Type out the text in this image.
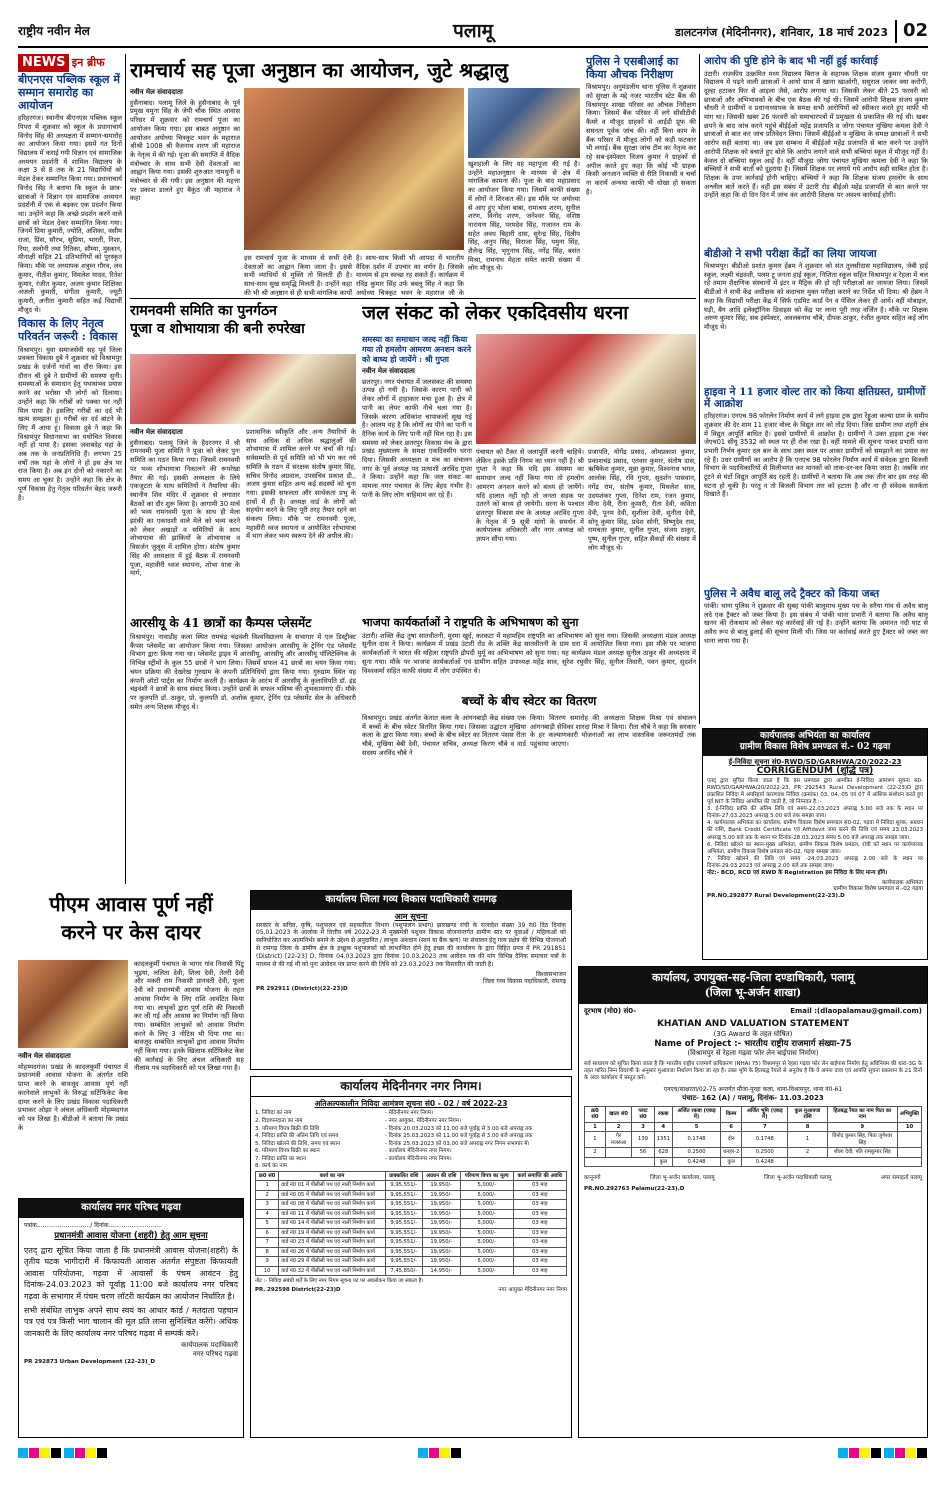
राष्ट्रीय नवीन मेल	पलामू	डालटनगंज (मेदिनीनगर), शनिवार, 18 मार्च 2023 02
NEWS इन ब्रीफ
बीएनएस पब्लिक स्कूल में सम्मान समारोह का आयोजन
हरिहरगंज। स्थानीय बीएनएस पब्लिक स्कूल पिपरा में शुक्रवार को स्कूल के प्रधानाचार्य विनोद सिंह की अध्यक्षता में सम्मान-समारोह का आयोजन किया गया। इसमें गत दिनों विद्यालय में कराई गयी विज्ञान एवं सामाजिक अध्ययन प्रदर्शनी में शामिल विद्यालय के कक्षा 3 से 8 तक के 21 विद्यार्थियों को मेडल देकर सम्मानित किया गया। प्रधानाचार्य विनोद सिंह ने बताया कि स्कूल के छात्र-छात्राओं ने विज्ञान एवं सामाजिक अध्ययन प्रदर्शनी में एक से बढ़कर एक प्रदर्शन किया था। उन्होंने कहा कि अच्छे प्रदर्शन करने वाले छात्रों को मेडल देकर सम्मानित किया गया। जिनमें प्रिया कुमारी, ज्योति, अंशिका, वसीम राजा, प्रिंस, सौरभ, सुप्रिया, भारती, निशा, रिया, सलोनी तथा रितिका, सौम्या, मुस्कान, मीनाक्षी सहित 21 प्रतिभागियों को पुरस्कृत किया। मौके पर अध्यापक शत्रुघ्न गौरव, लव कुमार, नीतीश कुमार, विमलेश यादव, रितेश कुमार, रंजीत कुमार, अजय कुमार शिक्षिका अंजली कुमारी, संगीता कुमारी, ज्यूटी कुमारी, अनीता कुमारी सहित कई विद्यार्थी मौजूद थे।
विकास के लिए नेतृत्व परिवर्तन जरूरी : विकास
विश्रामपुर। युवा समाजसेवी सह पूर्व जिला प्रवक्ता विकास दुबे ने शुक्रवार को विश्रामपुर प्रखंड के दर्जनों गांवों का दौरा किया। इस दौरान श्री दुबे ने ग्रामीणों की समस्या सुनी। समस्याओं के समाधान हेतु यथासंभव प्रयास करने का भरोसा भी लोगों को दिलाया। उन्होंने कहा कि गरीबों को पक्का घर नहीं मिल पाया है। इसलिए गरीबों का दर्द भी खत्म समझता हूं। गरीबों का दर्द बांटने के लिए मैं आया हूं। विकास दुबे ने कहा कि विश्रामपुर विधानसभा का यथोचित विकास नहीं हो पाया है। इसका जवाबदेह यहां के अब तक के जनप्रतिनिधि हैं। लगभग 25 वर्षों तक यहां के लोगों ने हो इस क्षेत्र पर राज किया है। अब इन दोनों को नकारने का समय आ चुका है। उन्होंने कहा कि क्षेत्र के पूर्ण विकास हेतु नेतृत्व परिवर्तन बेहद जरूरी है।
रामचार्य सह पूजा अनुष्ठान का आयोजन, जुटे श्रद्धालु
नवीन मेल संवाददाता
हुसैनाबाद। पलामू जिले के हुसैनाबाद के पूर्व प्रमुख यमुना सिंह के जेपी चौक स्थित आवास परिसर में शुक्रवार को रामचार्य पूजा का आयोजन किया गया। इस बाबत अनुष्ठान का आयोजन अयोध्या चित्रकूट भवन के महाराज श्रीश्री 1008 श्री वैजनाथ शरण जी महाराज के नेतृत्व में की गई। पूजा की समाप्ति में वैदिक मंत्रोच्चार के साथ सभी देवी देवताओं का आह्वान किया गया। इसकी शुरुआत नामधुनी व मंत्रोच्चार से की गयी। इस अनुष्ठान की महत्ता पर प्रकाश डालते हुए बैकुंठ जी महाराज ने कहा
इस रामचार्य पूजा के माध्यम से सभी देवी देवताओं का आह्वान किया जाता है। इससे सभी व्याधियों से मुक्ति तो मिलती ही है। साथ-साथ सुख समृद्धि मिलती है। उन्होंने कहा की भी श्री अनुष्ठान से ही सभी मांगलिक कार्यों
है। साथ-साथ किसी भी आपदा में भारतीय वैदिक दर्शन में उपचार का वर्णन है। जिसके माध्यम से हम स्वच्छ रह सकते हैं। कार्यक्रम में रविंद्र कुमार सिंह उर्फ बबलू सिंह ने कहा कि अयोध्या चित्रकूट भवन के महाराज जी के
खुशहाली के लिए यह महापूजा की गई है। उन्होंने महाअनुष्ठान के माध्यम से क्षेत्र में मांगलिक कामना की। पूजा के बाद महाप्रसाद का आयोजन किया गया। जिसमें काफी संख्या में लोगों ने शिरकत की। इस मौके पर अयोध्या से आए हुए भोला बाबा, रामाश्रय शरण, सुनील शरण, विनोद शरण, जनेश्वर सिंह, वशिष्ठ नारायण सिंह, परमदेव सिंह, गजानन राम के सहेत अवध बिहारी दास, सुरेन्द्र सिंह, दिलीप सिंह, अनुप सिंह, विराजा सिंह, यमुना सिंह, शैलेन्द्र सिंह, भृगुनाथ सिंह, नगेंद्र सिंह, बसंत मिश्रा, रामनाथ मेहता समेत काफी संख्या में लोग मौजूद थे।
पुलिस ने एसबीआई का किया औचक निरीक्षण
विश्रामपुर। अनुमंडलीय थाना पुलिस ने शुक्रवार को सुरक्षा के मद्दे नजर भारतीय स्टेट बैंक की विश्रामपुर शाखा परिसर का औचक निरीक्षण किया। जिसमें बैंक परिसर में लगे सीसीटीवी कैमरे व मौजूद ग्राहकों से आईडी प्रूफ की सघनता पूर्वक जांच की। वहीं बिना काम के बैंक परिसर में मौजूद लोगों को कड़ी फटकार भी लगाई। बैंक सुरक्षा जांच टीम का नेतृत्व कर रहे सब-इंस्पेक्टर विजय कुमार ने ग्राहकों से अपील करते हुए कहा कि कोई भी ग्राहक किसी अनजान व्यक्ति से रीति निकासी व चर्चा ना करायें अन्यथा काफी भी धोखा हो सकता है।
आरोप की पुष्टि होने के बाद भी नहीं हुई कार्रवाई
उंटारी। राजकीय उत्क्रमित मध्य विद्यालय बिराज के सहायक शिक्षक संजय कुमार चौधरी पर विद्यालय में पढ़ने वाली छात्राओं ने आयो साथ में खाना खाओगी, ससुराल जाकर क्या करोगी, दूल्हा हटाकर फिर से आइला जैसे, आरोप लगाया था। जिसकी लेकर बीते 25 फरवरी को छात्राओं और अभिभावकों के बीच एक बैठक की गई थी। जिसमें आरोपी शिक्षक संजय कुमार चौधरी ने ग्रामीणों व प्रधानाध्यापक के समक्ष सभी आरोपियों को स्वीकार करते हुए माफी भी मांग था। जिसकी खबर 26 फरवरी को समाचारपत्रों में प्रमुखता से प्रकाशित की गई थी। खबर छपने के बाद जांच करने पहुंचे बीईईओ महेंद्र प्रजापति व जोगा पंचायत मुखिया कमला देवी ने छात्राओं से बात कर जांच प्रतिवेदन लिया। जिसमें बीईईओ व मुखिया के समक्ष छात्राओं ने सभी आरोप सही बताया था। जब इस सम्बन्ध में बीईईओ महेंद्र प्रजापति से बात करने पर उन्होंने आरोपी शिक्षक को बचाते हुए बोले कि आरोप लगाने वाले सभी बच्चियां स्कूल में मौजूद नहीं है। केवल दो बच्चियां स्कूल आई है। वहीं मौजूदा जोगा पंचायत मुखिया कमला देवी ने कहा कि बच्चियों ने सभी बातों को दुहराया है। जिसमें शिक्षक पर लगाये गये आरोप सही साबित होता है। शिक्षक के उपर कार्रवाई होनी चाहिए। बच्चियों ने कहा कि शिक्षक संजय हमलोग के साथ अश्लील बातें करते हैं। वहीं इस संबंध में उंटारी रोड बीईओ महेंद्र प्रजापति से बात करने पर उन्होंने कहा कि दो दिन दिन में जांच कर आरोपी शिक्षक पर अवश्य कार्रवाई होगी।
बीडीओ ने सभी परीक्षा केंद्रों का लिया जायजा
विश्रामपुर। बीडीओ प्रशांत कुमार हेंब्रम ने शुक्रवार को संत तुलसीदास महाविद्यालय, जेबी हाई स्कूल, लक्ष्मी चंद्रवंशी, पलम टू जनता हाई स्कूल, निशिता स्कूल सहित विश्रामपुर व रेहला में चल रहे तमाम शैक्षणिक संस्थानों में इंटर व मैट्रिक की हो रही परीक्षाओं का जायजा लिया। जिसमें बीडीओ ने सभी केंद्र अधीक्षक को कदाचार मुक्त परीक्षा कराने का निर्देश भी दिया। श्री हेंब्रम ने कहा कि विद्यार्थी परीक्षा केंद्र में सिर्फ एडमिट कार्ड पेन व पेंसिल लेकर ही आयें। वहीं मोबाइल, घड़ी, बैग आदि इलेक्ट्रॉनिक डिवाइस को केंद्र पर लाना पूरी तरह वर्जित है। मौके पर शिक्षक अरुण कुमार सिंह, सब इंस्पेक्टर, अवलबनाथ चौबे, दीपक ठाकुर, रंजीत कुमार सहित कई लोग मौजूद थे।
हाइवा ने 11 हजार वोल्ट तार को किया क्षतिग्रस्त, ग्रामीणों में आक्रोश
हरिहरगंज। एनएच 98 फोरलेन निर्माण कार्य में लगे हाइवा ट्रक द्वारा रेंड्डुआ कल्या ग्राम के समीप शुक्रवार की देर शाम 11 हजार वोल्ट के विद्युत तार को तोड़ दिया। जिस ग्रामीण तथा शहरी क्षेत्र में विद्युत आपूर्ति बाधित है। इससे ग्रामीणों में आक्रोश है। ग्रामीणों ने उक्त हाइवा ट्रक नंबर जेएच01 सीयू 3532 को स्थल पर ही रोक रखा है। वहीं मामले की सूचना पाकर प्रभारी थाना प्रभारी निर्भय कुमार दल बल के साथ उक्त स्थल पर आकर ग्रामीणों को समझाने का प्रयास कर रहे हैं। उधर ग्रामीणों का आरोप है कि एनएच 98 फोरलेन निर्माण कार्य में संवेदक द्वारा बिजली विभाग के पदाधिकारियों से मिलीभगत कर मानकों को ताक-दर-कर किया जाता है। जबकि तार टूटने से घंटों विद्युत आपूर्ति बंद रहती है। ग्रामीणों ने बताया कि अब तक तीन बार इस तरह की घटना हो चुकी है। परंतु न तो बिजली विभाग तार को हटाता है और ना ही संवेदक सतर्कता दिखाते हैं।
पुलिस ने अवैध बालू लदे ट्रैक्टर को किया जब्त
पांकी। थाना पुलिस ने शुक्रवार की सुबह पांकी बालूमाथ मुख्य पथ के सरैया गांव से अवैध बालू लदे एक ट्रैक्टर को जब्त किया है। इस संबंध में पांकी थाना प्रभारी ने बताया कि अवैध बालू खनन की रोकथाम को लेकर यह कार्रवाई की गई है। उन्होंने बताया कि अमानत नदी घाट से अवैध रूप से बालू ढुलाई की सूचना मिली थी। जिस पर कार्रवाई करते हुए ट्रैक्टर को जब्त कर थाना लाया गया है।
रामनवमी समिति का पुनर्गठन
पूजा व शोभायात्रा की बनी रुपरेखा
नवीन मेल संवाददाता
हुसैनाबाद। पलामू जिले के हैदरनगर में श्री रामनवमी पूजा समिति ने पूजा को लेकर पुनः समिति का गठन किया गया। जिसमें रामनवमी पर भव्य शोभायात्रा निकालने की रूपरेखा तैयार की गई। इसकी अध्यक्षता के लिये एकजुटता के साथ समितियों ने तैयारियां की। स्थानीय शिव मंदिर में शुक्रवार से लगातार बैठकों का दौर शुरू किया है। आगामी 30 मार्च को भव्य रामनवमी पूजा के साथ ही मेला झांकी का एकादशी वाले मेले को भव्य करने को लेकर अखाड़ों व समितियों के साथ शोभायात्रा की झांकियों के शोभायात्रा व विसर्जन जुलूस में शामिल होगा। संतोष कुमार सिंह की अध्यक्षता में हुई बैठक में रामनवमी पूजा, महावीरी ध्वज स्थापना, शोभा यात्रा के मार्ग,
प्रशासनिक स्वीकृति और अन्य तैयारियों के साथ अधिक से अधिक श्रद्धालुओं की शोभायात्रा में शामिल करने पर चर्चा की गई। सर्वसम्मति से पूर्व समिति को भी भंग कर नये समिति के गठन में संरक्षक संतोष कुमार सिंह, सचिव विनोद अग्रवाल, उपसचिव प्रकाश डी., अजय कुमार सहित अन्य कई सदस्यों को चुना गया। इसकी सफलता और सार्थकता प्रभु के हाथों में ही है। अध्यक्ष वार्ड के लोगों को सहयोग करने के लिए पूरी तरह तैयार रहने का संकल्प लिया। मौके पर रामनवमी पूजा, महावीरी ध्वज स्थापना व आयोजित शोभायात्रा में भाग लेकर भव्य स्वरूप देने की अपील की।
जल संकट को लेकर एकदिवसीय धरना
समस्या का समाधान जल्द नहीं किया गया तो हमलोग आमरण अनशन करने को बाध्य हो जायेंगे : श्री गुप्ता
नवीन मेल संवाददाता
छतरपुर। नगर पंचायत में जलसंकट की समस्या उत्पन्न हो गयी है। जिसके कारण पानी को लेकर लोगों में हाहाकार मचा हुआ है। क्षेत्र में पानी का लेयर काफी नीचे चला गया है। जिसके कारण अधिकांश चापाकलों सूख गई है। आलम यह है कि लोगों का पीने का पानी व दैनिक कार्य के लिए पानी नहीं मिल रहा है। इस समस्या को लेकर छतरपुर विकास मंच के द्वारा प्रखंड मुख्यालय के समक्ष एकदिवसीय धरना दिया। जिसकी अध्यक्षता व मंच का संचालन नगर के पूर्व अध्यक्ष पद प्रत्याशी अरविंद गुप्ता ने किया। उन्होंने कहा कि जल संकट का मामला नगर पंचायत के लिए बेहद गंभीर है। पानी के लिए लोग त्राहिमाम कर रहे हैं।
पंचायत को टैंकर से जलापूर्ति करनी चाहिये। लेकिन इसके प्रति निगम का ध्यान नहीं है। श्री गुप्ता ने कहा कि यदि इस समस्या का समाधान जल्द नहीं किया गया तो हमलोग आमरण अनशन करने को बाध्य हो जायेंगे। यदि हालात नहीं रही तो जनता सड़क पर उतरने को बाध्य हो जायेगी। धरना के पश्चात छतरपुर विकास मंच के अध्यक्ष अरविंद गुप्ता के नेतृत्व में 9 सूत्री मांगों के समर्थन में कार्यपालक अधिकारी और नगर अध्यक्ष को ज्ञापन सौंपा गया।
प्रजापति, योगेंद्र प्रसाद, ओमप्रकाश कुमार, प्रकाशचंद्र प्रसाद, एतवार कुमार, संतोष दास, ऋषिकेश कुमार, मुन्ना कुमार, विश्वनाथ भगत, आलोक सिंह, रवि गुप्ता, सुदर्शन पासवान, नगेंद्र राम, संतोष कुमार, मिथलेश साव, उदयशंकर गुप्ता, दिनेश राम, रंजन कुमार, मीना देवी, रीना कुमारी, रीता देवी, कविता देवी, पूनम देवी, सुशीला देवी, सुनीता देवी, सोनू कुमार सिंह, प्रवेश सोनी, विष्णुदेव राम, रामचतर कुमार, सुनील गुप्ता, संजय ठाकुर, पुष्प, सुनील गुप्ता, सहित सैकड़ों की संख्या में लोग मौजूद थे।
आरसीयू के 41 छात्रों का कैम्पस प्लेसमेंट
विश्रामपुर। नावाडीह कला स्थित रामचंद्र चंद्रवंशी विश्वविद्यालय के सभागार में एल डिस्ट्रीक्ट कैंपस प्लेसमेंट का आयोजन किया गया। जिसका आयोजन आरसीयू के ट्रेनिंग एंड प्लेसमेंट विभाग द्वारा किया गया था। प्लेसमेंट ड्राइव में आरसीयू, आरसीयू और आरसीयू पॉलिटेक्निक के विभिन्न स्ट्रीमों के कुल 55 छात्रों ने भाग लिया। जिसमें सफल 41 छात्रों का चयन किया गया। चयन प्रक्रिया की देखरेख गुरुग्राम के कंपनी प्रतिनिधियों द्वारा किया गया। गुरुग्राम स्थित यह कंपनी ऑटो पार्ट्स का निर्माण करती है। कार्यक्रम के आरंभ में आरसीयू के कुलाधिपति डॉ. इंद्र चंद्रवंशी ने छात्रों के साथ संवाद किया। उन्होंने छात्रों के सफल भविष्य की शुभकामनाएं दीं। मौके पर कुलपति डॉ. ठाकुर, प्रो. कुलपति डॉ. अशोक कुमार, ट्रेनिंग एंड प्लेसमेंट सेल के अधिकारी समेत अन्य शिक्षक मौजूद थे।
भाजपा कार्यकर्ताओं ने राष्ट्रपति के अभिभाषण को सुना
उंटारी। शक्ति केंद्र तुषा सातवीतनी, मुरमा खुर्द, करकटा में महामहिम राष्ट्रपति का अभिभाषण को सुना गया। जिसकी अध्यक्षता मंडल अध्यक्ष सुनील दास ने किया। कार्यक्रम में प्रखंड उंटारी रोड के शक्ति केंद्र सातवीतनी के ग्राम धरा में आयोजित किया गया। इस मौके पर भाजपा कार्यकर्ताओं ने भारत की महिला राष्ट्रपति द्रौपदी मुर्मू का अभिभाषण को सुना गया। यह कार्यक्रम मंडल अध्यक्ष सुनील ठाकुर की अध्यक्षता में सुना गया। मौके पर भाजपा कार्यकर्ताओं एवं ग्रामीण सहित उपाध्यक्ष महेंद्र साव, सुरेश रघुवीर सिंह, सुनील तिवारी, पवन कुमार, सुदर्शन विश्वकर्मा सहित काफी संख्या में लोग उपस्थित थे।
बच्चों के बीच स्वेटर का वितरण
विश्रामपुर। प्रखंड अंतर्गत केतात कला के आंगनबाड़ी केंद्र संख्या एक में बच्चों के बीच स्वेटर वितरित किया गया। जिसका उद्घाटन मुखिया कला के द्वारा किया गया। बच्चों के बीच स्वेटर का वितरण पंसस रीता चौबे, मुखिया बेबी देवी, पंचायत सचिव, अध्यक्ष किरण चौबे व वार्ड सदस्य अरविंद चौबे ने
किया। वितरण समारोह की अध्यक्षता शिक्षक मिश्रा एवं संचालन आंगनबाड़ी सेविका शारदा मिश्रा ने किया। रीता चौबे ने कहा कि सरकार के हर कल्याणकारी योजनाओं का लाभ वास्तविक जरूरतमंदों तक पहुंचाया जाएगा।
कार्यपालक अभियंता का कार्यालय
ग्रामीण विकास विशेष प्रमण्डल सं.- 02 गढ़वा
ई-निविदा सूचना सं0-RWD/SD/GARHWA/20/2022-23
CORRIGENDUM (शुद्धि पत्र)
एतद् द्वारा सूचित किया जाता है कि इस प्रमण्डल द्वारा आमंत्रित ई-निविदा आमंत्रण सूचना सं0-RWD/SD/GARHWA/20/2022-23, PR 292543 Rural Development (22-23)D द्वारा प्रकाशित निविदा में अपरिहार्य कारणवश निविदा (क्रमांक) 03, 04, 05 एवं 07 में आंशिक संशोधन करते हुए पूर्व NIT के निविदा आमंत्रित की जाती है, जो निम्नवत है :-
3. ई-निविदा प्राप्ति की अंतिम तिथि एवं समय-22.03.2023 अपराह्न 5.00 बजे तक के स्थान पर दिनांक-27.03.2023 अपराह्न 5.00 बजे तक समझा जाय।
4. कार्यपालक अभियंता का कार्यालय, ग्रामीण विकास विशेष प्रमण्डल सं0-02, गढ़वा में निविदा शुल्क, अग्रधन की राशि, Bank Credit Certificate एवं Affidavit जमा करने की तिथि एवं समय 23.03.2023 अपराह्न 5.00 बजे तक के स्थान पर दिनांक-28.03.2023 समय 5.00 बजे अपराह्न तक समझा जाय।
6. निविदा खोलने का स्थान-मुख्य अभियंता, ग्रामीण विकास विशेष प्रमंडल, रांची को स्थान पर कार्यपालक अभियंता, ग्रामीण विकास विशेष प्रमंडल सं0-02, गढ़वा समझा जाय।
7. निविदा खोलने की तिथि एवं समय -24.03.2023 अपराह्न 2.00 बजे के स्थान पर दिनांक-29.03.2023 एवं अपराह्न 2.00 बजे तक समझा जाय।
नोट:- BCD, RCD एवं RWD के Registration इस निविदा के लिए मान्य होंगे।
कार्यपालक अभियंता
ग्रामीण विकास विशेष प्रमण्डल सं.-02 गढ़वा
PR.NO.292877 Rural Development(22-23).D
पीएम आवास पूर्ण नहीं
करने पर केस दायर
नवीन मेल संवाददाता
मोहम्मदगंज। प्रखंड के कादलकुर्मी पंचायत में प्रधानमंत्री आवास योजना के अंतर्गत राशि प्राप्त करने के बावजूद आवास पूर्ण नहीं करनेवाले लाभुकों के विरुद्ध सर्टिफिकेट केस दायर करने के लिए प्रखंड विकास पदाधिकारी प्रभाकर ओझा ने अंचल अधिकारी मोहम्मदगंज को पत्र लिखा है। बीडीओ ने बताया कि प्रखंड के
कादलकुर्मी पंचायत के भागर गांव निवासी पिंटू भुइयां, ललिता देवी, शिला देवी, तेतरी देवी और मकरी राम निवासी प्रानवती देवी, फूला देवी को प्रधानमंत्री आवास योजना के तहत आवास निर्माण के लिए राशि आवंटित किया गया था। लाभुकों द्वारा पूर्ण राशि की निकासी कर ली गई और आवास का निर्माण नहीं किया गया। सम्बंधित लाभुकों को आवास निर्माण करने के लिए 3 नोटिस भी दिया गया था। बावजूद सम्बंधित लाभुकों द्वारा आवास निर्माण नहीं किया गया। इनके खिलाफ सर्टिफिकेट केस की कार्रवाई के लिए अंचल अधिकारी सह नीलाम पत्र पदाधिकारी को पत्र लिखा गया है।
कार्यालय जिला गव्य विकास पदाधिकारी रामगढ़
आम सूचना
सरकार के सचिव, कृषि, पशुपालन एवं सहकारिता विभाग (पशुपालन प्रभाग) झारखण्ड रांची के राजादेश संख्या 39 रा0 दिठ दिनांक 05.01.2023 के आलोक में वित्तीय वर्ष 2022-23 में मुख्यमंत्री पशुधन विकास योजनान्तर्गत ग्रामीण स्तर पर युवाओं / महिलाओं को स्वनियोजित कर आत्मनिर्भर बनाने के उद्देश्य से अनुदानित / लाभुक अंशदान (स्वयं या बैंक ऋण) पर संचालन हेतु गव्य प्रक्षेत्र की विभिन्न योजनाओं से रामगढ़ जिला के ग्रामीण क्षेत्र के इच्छुक पशुपालकों को लाभान्वित होने हेतु इच्छा की कार्यालय के द्वारा विहित प्रपत्र में PR 291851 (District) [22-23] D, दिनांक 04.03.2023 द्वारा दिनांक 10.03.2023 तक आवेदन पत्र की मांग विभिन्न दैनिक समाचार पत्रों के माध्यम से की गई थी को पुनः आवेदन पत्र प्राप्त करने की तिथि को 23.03.2023 तक विस्तारित की जाती है।
विश्वासभाजन
जिला गव्य विकास पदाधिकारी, रामगढ़
PR 292911 (District)(22-23)D
कार्यालय नगर परिषद गढ़वा
पत्रांक............................/ दिनांक............................
प्रधानमंत्री आवास योजना (शहरी) हेतु आम सूचना
एतद् द्वारा सूचित किया जाता है कि प्रधानमंत्री आवास योजना(शहरी) के तृतीय घटक भागीदारी में किफायती आवास अंतर्गत संपुष्टता किफायती आवास परियोजना, गढ़वा में आवासों के पंचम आवंटन हेतु दिनांक-24.03.2023 को पूर्वाह्न 11:00 बजे कार्यालय नगर परिषद गढ़वा के सभागार में पंचम चरण लॉटरी कार्यक्रम का आयोजन निर्धारित है।
सभी संबंधित लाभुक अपने साथ स्वयं का आधार कार्ड / मतदाता पहचान पत्र एवं पत्र किसी भाग चालान की मूल प्रति लाना सुनिश्चित करेंगे। अधिक जानकारी के लिए कार्यालय नगर परिषद गढ़वा में सम्पर्क करें।
कार्यपालक पदाधिकारी
नगर परिषद गढ़वा
PR 292873 Urban Development (22-23)_D
कार्यालय मेदिनीनगर नगर निगम।
अतिअल्पकालीन निविदा आमंत्रण सूचना सं0 - 02 / वर्ष 2022-23
1. निविदा का नाम	- मेदिनीनगर नगर निगम।
2. विज्ञापनदाता का नाम	- नगर आयुक्त, मेदिनीनगर नगर निगम।
3. परिमाण विपत्र बिक्री की तिथि	- दिनांक 20.03.2023 को 11.00 बजे पूर्वाह्न से 3.00 बजे अपराह्न तक
4. निविदा प्राप्ति की अंतिम तिथि एवं समय	- दिनांक 25.03.2023 को 11.00 बजे पूर्वाह्न से 3.00 बजे अपराह्न तक
5. निविदा खोलने की तिथि, समय एवं स्थान	- दिनांक 25.03.2023 को 03.00 बजे अपराह्न नगर निगम सभागार में।
6. परिमाण विपत्र बिक्री का स्थान	- कार्यालय मेदिनीनगर नगर निगम।
7. निविदा प्राप्ति का स्थान	- कार्यालय मेदिनीनगर नगर निगम।
8. कार्य का नाम
क्र0 सं0	कार्य का नाम	प्राक्कलित राशि	अग्रधन की राशि	परिमाण विपत्र का मूल्य	कार्य समाप्ति की अवधि
1	वार्ड नं0 01 में पीसीसी पथ एवं नाली निर्माण कार्य	9,95,551/-	19,950/-	5,000/-	03 माह
2	वार्ड नं0 05 में पीसीसी पथ एवं नाली निर्माण कार्य	9,95,551/-	19,950/-	5,000/-	03 माह
3	वार्ड नं0 08 में पीसीसी पथ एवं नाली निर्माण कार्य	9,95,551/-	19,950/-	5,000/-	03 माह
4	वार्ड नं0 11 में पीसीसी पथ एवं नाली निर्माण कार्य	9,95,551/-	19,950/-	5,000/-	03 माह
5	वार्ड नं0 14 में पीसीसी पथ एवं नाली निर्माण कार्य	9,95,551/-	19,950/-	5,000/-	03 माह
6	वार्ड नं0 19 में पीसीसी पथ एवं नाली निर्माण कार्य	9,95,551/-	19,950/-	5,000/-	03 माह
7	वार्ड नं0 23 में पीसीसी पथ एवं नाली निर्माण कार्य	9,95,551/-	19,950/-	5,000/-	03 माह
8	वार्ड नं0 26 में पीसीसी पथ एवं नाली निर्माण कार्य	9,95,551/-	19,950/-	5,000/-	03 माह
9	वार्ड नं0 29 में पीसीसी पथ एवं नाली निर्माण कार्य	9,95,551/-	19,950/-	5,000/-	03 माह
10	वार्ड नं0 32 में पीसीसी पथ एवं नाली निर्माण कार्य	7,45,850/-	14,950/-	5,000/-	03 माह
नोट :- निविदा संबंधी शर्तें के लिए नगर निगम सूचना पट पर अवलोकन किया जा सकता है।
PR. 292598 District(22-23)D	नगर आयुक्त मेदिनीनगर नगर निगम
कार्यालय, उपायुक्त-सह-जिला दण्डाधिकारी, पलामू
(जिला भू-अर्जन शाखा)
दूरभाष (मो0) सं0-	Email :(dlaopalamau@gmail.com)
KHATIAN AND VALUATION STATEMENT
(3G Award के तहत घोषित)
Name of Project :- भारतीय राष्ट्रीय राजमार्ग संख्या-75
(विश्रामपुर से रेहला गढ़वा फोर लेन बाईपास निर्माण)
सर्व साधारण को सूचित किया जाता है कि भारतीय राष्ट्रीय राजमार्ग प्राधिकरण (NHAI 75) विश्रामपुर से रेहला गढ़वा फोर लेन बाईपास निर्माण हेतु अधिनियम की धारा-3G के तहत पारित निम्न विवरणी के अनुसार मुआवजा निर्धारण किया जा रहा है। उक्त भूमि के हितबद्ध रैयतों से अनुरोध है कि वे अपना दावा एवं आपत्ति सूचना प्रकाशन के 21 दिनों के अंदर कार्यालय में प्रस्तुत करें।
एनएच/साक्षरता/02-75 अन्तर्गत मौजा-पुरहा कला, थाना-विश्रामपुर, थाना नं0-61
पंचाट- 162 (A) / पलामू, दिनांक- 11.03.2023
क्र0 सं0	खाता सं0	प्लाट सं0	रकबा	अर्जित रकबा (एकड़ में)	किस्म	अर्जित भूमि (एकड़ में)	कुल मुआवजा राशि	हितबद्ध रैयत का नाम पिता का नाम	अभियुक्ति
1	2	3	4	5	6	7	8	9	10
1	गैर मजरुआ	139	1351	0.1748	दोन	0.1748	1	विनोद कुमार सिंह, पिता जुगेश्वर सिंह	
2		56	628	0.2500	धनहर-2	0.2500	2	शीला देवी, पति रामकुमार सिंह	
			कुल	0.4248	कुल	0.4248			
कानूनगो	जिला भू-अर्जन कार्यालय, पलामू	जिला भू-अर्जन पदाधिकारी पलामू	अपर समाहर्ता पलामू
PR.NO.292763 Palamu(22-23).D
